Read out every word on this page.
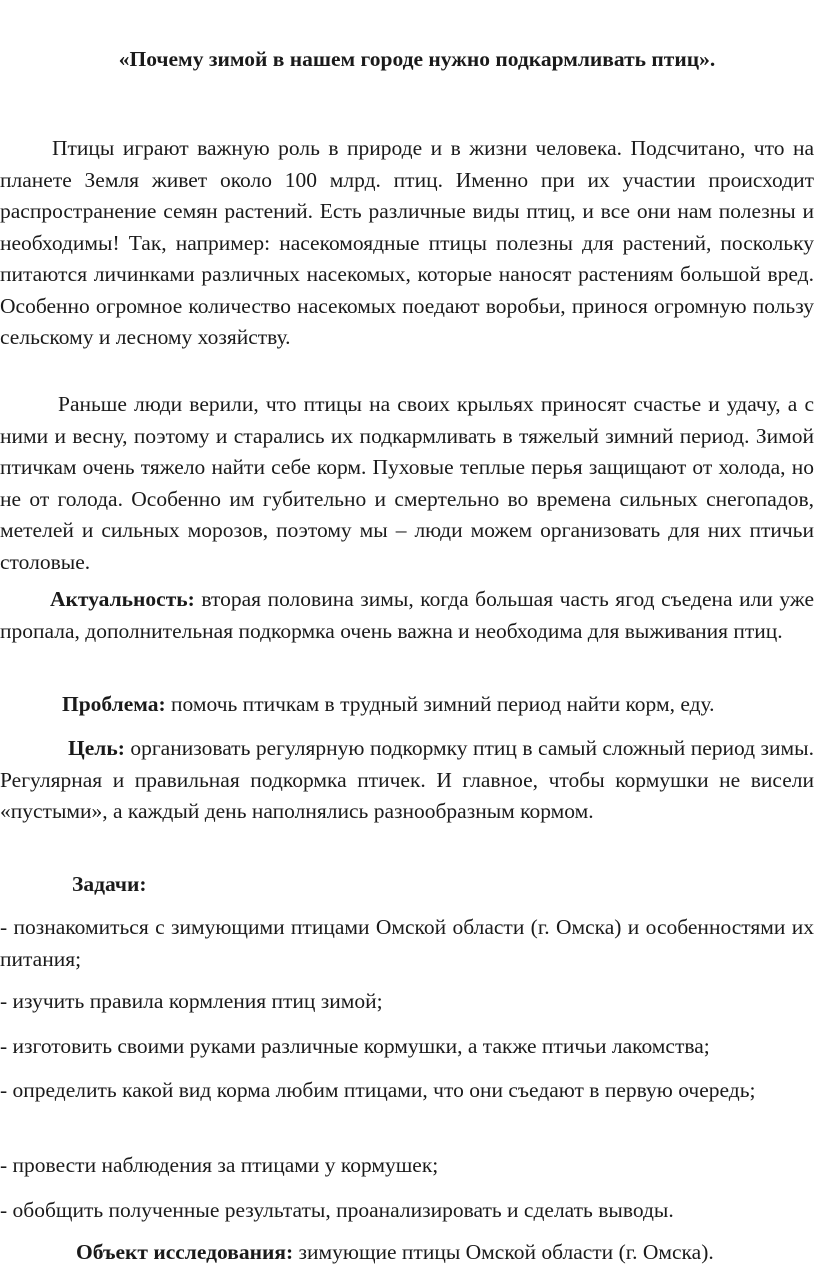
«Почему зимой в нашем городе нужно подкармливать птиц».

Птицы играют важную роль в природе и в жизни человека. Подсчитано, что на планете Земля живет около 100 млрд. птиц. Именно при их участии происходит распространение семян растений. Есть различные виды птиц, и все они нам полезны и необходимы! Так, например: насекомоядные птицы полезны для растений, поскольку питаются личинками различных насекомых, которые наносят растениям большой вред. Особенно огромное количество насекомых поедают воробьи, принося огромную пользу сельскому и лесному хозяйству.

Раньше люди верили, что птицы на своих крыльях приносят счастье и удачу, а с ними и весну, поэтому и старались их подкармливать в тяжелый зимний период. Зимой птичкам очень тяжело найти себе корм. Пуховые теплые перья защищают от холода, но не от голода. Особенно им губительно и смертельно во времена сильных снегопадов, метелей и сильных морозов, поэтому мы – люди можем организовать для них птичьи столовые.

Актуальность: вторая половина зимы, когда большая часть ягод съедена или уже пропала, дополнительная подкормка очень важна и необходима для выживания птиц.

Проблема: помочь птичкам в трудный зимний период найти корм, еду.

Цель: организовать регулярную подкормку птиц в самый сложный период зимы. Регулярная и правильная подкормка птичек. И главное, чтобы кормушки не висели «пустыми», а каждый день наполнялись разнообразным кормом.

Задачи:

- познакомиться с зимующими птицами Омской области (г. Омска) и особенностями их питания;

- изучить правила кормления птиц зимой;

- изготовить своими руками различные кормушки, а также птичьи лакомства;

- определить какой вид корма любим птицами, что они съедают в первую очередь;

- провести наблюдения за птицами у кормушек;

- обобщить полученные результаты, проанализировать и сделать выводы.

Объект исследования: зимующие птицы Омской области (г. Омска).
